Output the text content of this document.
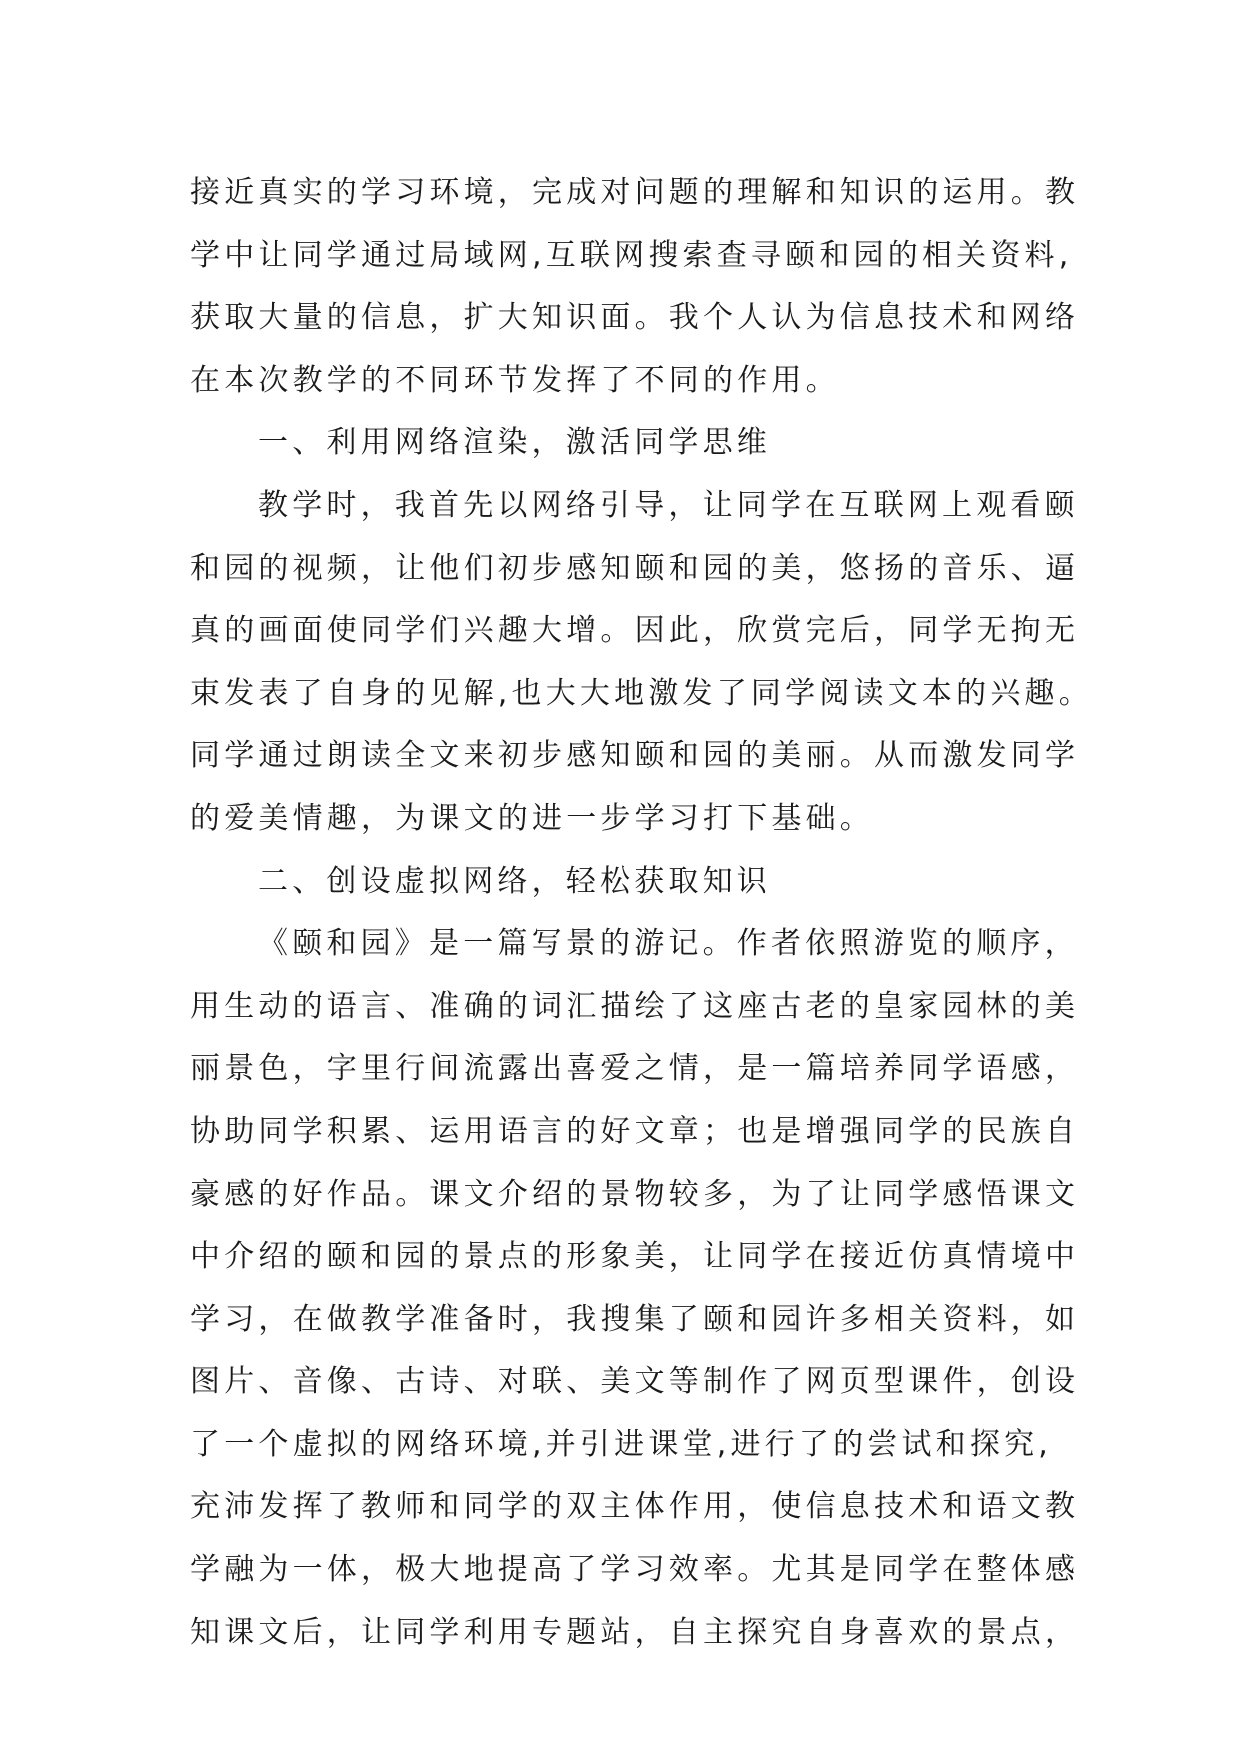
接近真实的学习环境，完成对问题的理解和知识的运用。教
学中让同学通过局域网,互联网搜索查寻颐和园的相关资料,
获取大量的信息，扩大知识面。我个人认为信息技术和网络
在本次教学的不同环节发挥了不同的作用。
一、利用网络渲染，激活同学思维
教学时，我首先以网络引导，让同学在互联网上观看颐
和园的视频，让他们初步感知颐和园的美，悠扬的音乐、逼
真的画面使同学们兴趣大增。因此，欣赏完后，同学无拘无
束发表了自身的见解,也大大地激发了同学阅读文本的兴趣。
同学通过朗读全文来初步感知颐和园的美丽。从而激发同学
的爱美情趣，为课文的进一步学习打下基础。
二、创设虚拟网络，轻松获取知识
《颐和园》是一篇写景的游记。作者依照游览的顺序，
用生动的语言、准确的词汇描绘了这座古老的皇家园林的美
丽景色，字里行间流露出喜爱之情，是一篇培养同学语感，
协助同学积累、运用语言的好文章；也是增强同学的民族自
豪感的好作品。课文介绍的景物较多，为了让同学感悟课文
中介绍的颐和园的景点的形象美，让同学在接近仿真情境中
学习，在做教学准备时，我搜集了颐和园许多相关资料，如
图片、音像、古诗、对联、美文等制作了网页型课件，创设
了一个虚拟的网络环境,并引进课堂,进行了的尝试和探究,
充沛发挥了教师和同学的双主体作用，使信息技术和语文教
学融为一体，极大地提高了学习效率。尤其是同学在整体感
知课文后，让同学利用专题站，自主探究自身喜欢的景点，
